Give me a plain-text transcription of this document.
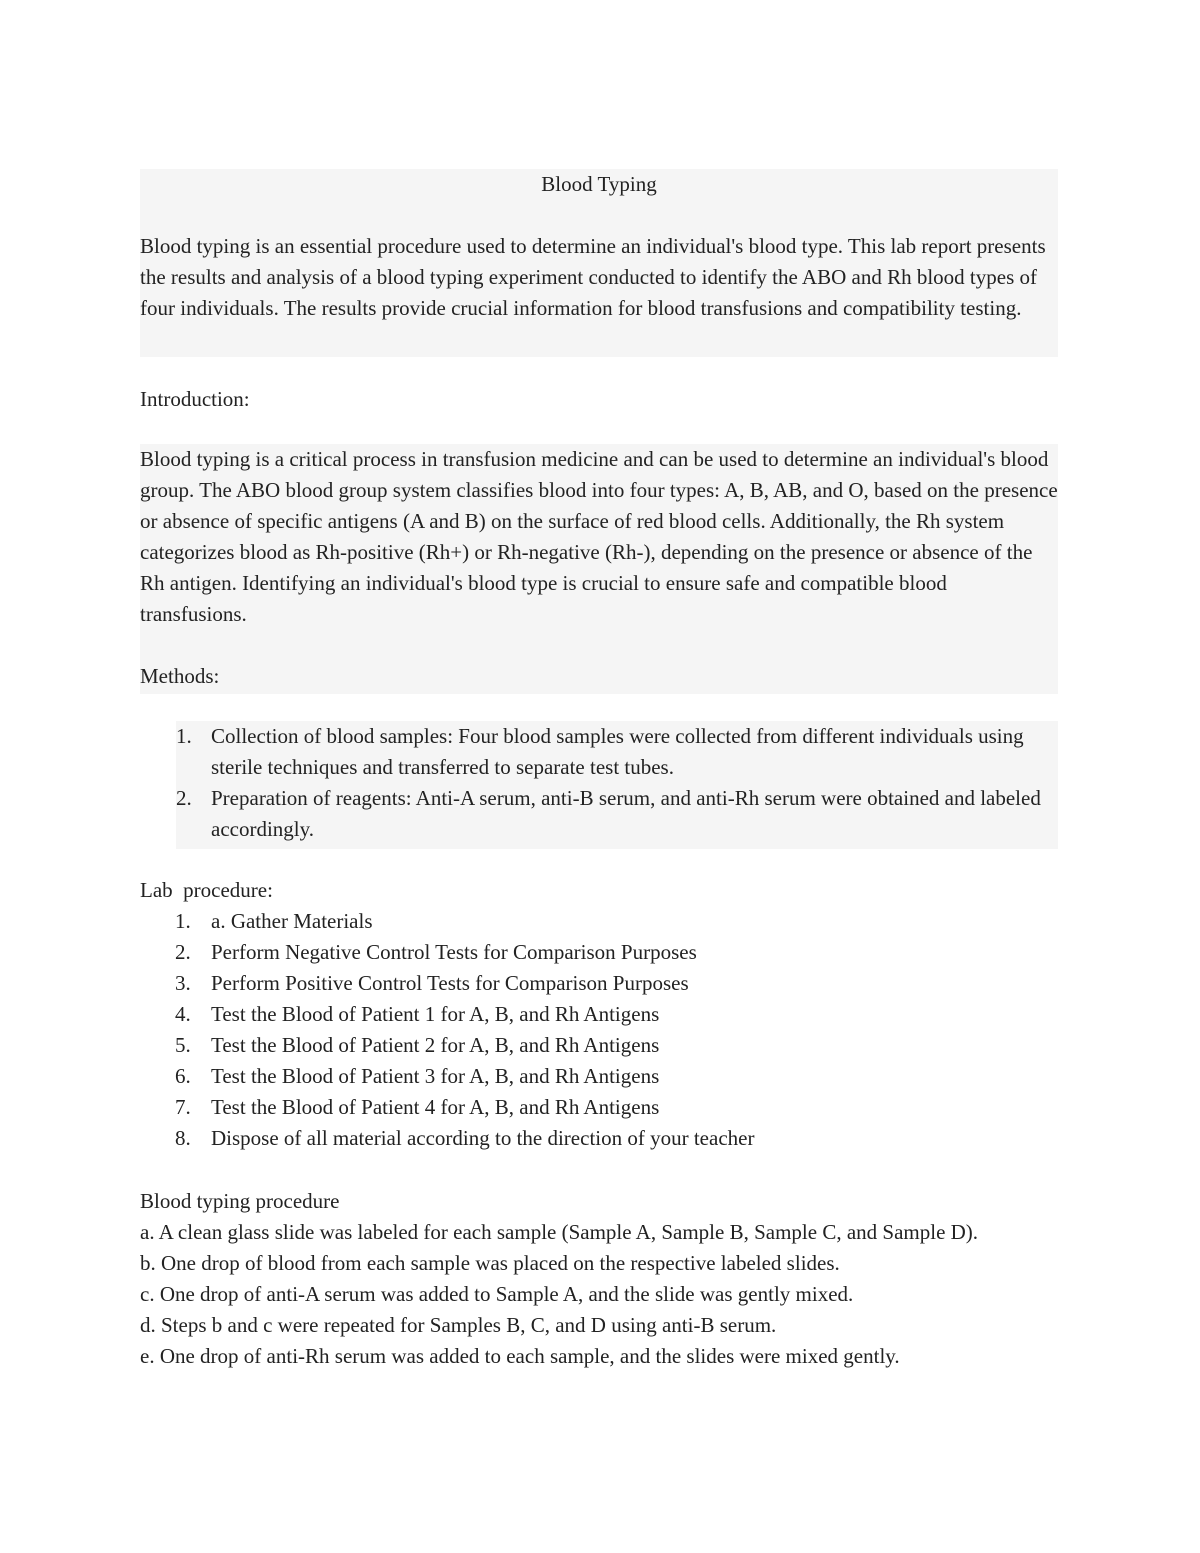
Blood Typing

Blood typing is an essential procedure used to determine an individual's blood type. This lab report presents the results and analysis of a blood typing experiment conducted to identify the ABO and Rh blood types of four individuals. The results provide crucial information for blood transfusions and compatibility testing.

Introduction:

Blood typing is a critical process in transfusion medicine and can be used to determine an individual's blood group. The ABO blood group system classifies blood into four types: A, B, AB, and O, based on the presence or absence of specific antigens (A and B) on the surface of red blood cells. Additionally, the Rh system categorizes blood as Rh-positive (Rh+) or Rh-negative (Rh-), depending on the presence or absence of the Rh antigen. Identifying an individual's blood type is crucial to ensure safe and compatible blood transfusions.

Methods:

1. Collection of blood samples: Four blood samples were collected from different individuals using sterile techniques and transferred to separate test tubes.
2. Preparation of reagents: Anti-A serum, anti-B serum, and anti-Rh serum were obtained and labeled accordingly.

Lab  procedure:

1. a. Gather Materials
2. Perform Negative Control Tests for Comparison Purposes
3. Perform Positive Control Tests for Comparison Purposes
4. Test the Blood of Patient 1 for A, B, and Rh Antigens
5. Test the Blood of Patient 2 for A, B, and Rh Antigens
6. Test the Blood of Patient 3 for A, B, and Rh Antigens
7. Test the Blood of Patient 4 for A, B, and Rh Antigens
8. Dispose of all material according to the direction of your teacher

Blood typing procedure

a. A clean glass slide was labeled for each sample (Sample A, Sample B, Sample C, and Sample D).

b. One drop of blood from each sample was placed on the respective labeled slides.

c. One drop of anti-A serum was added to Sample A, and the slide was gently mixed.

d. Steps b and c were repeated for Samples B, C, and D using anti-B serum.

e. One drop of anti-Rh serum was added to each sample, and the slides were mixed gently.
